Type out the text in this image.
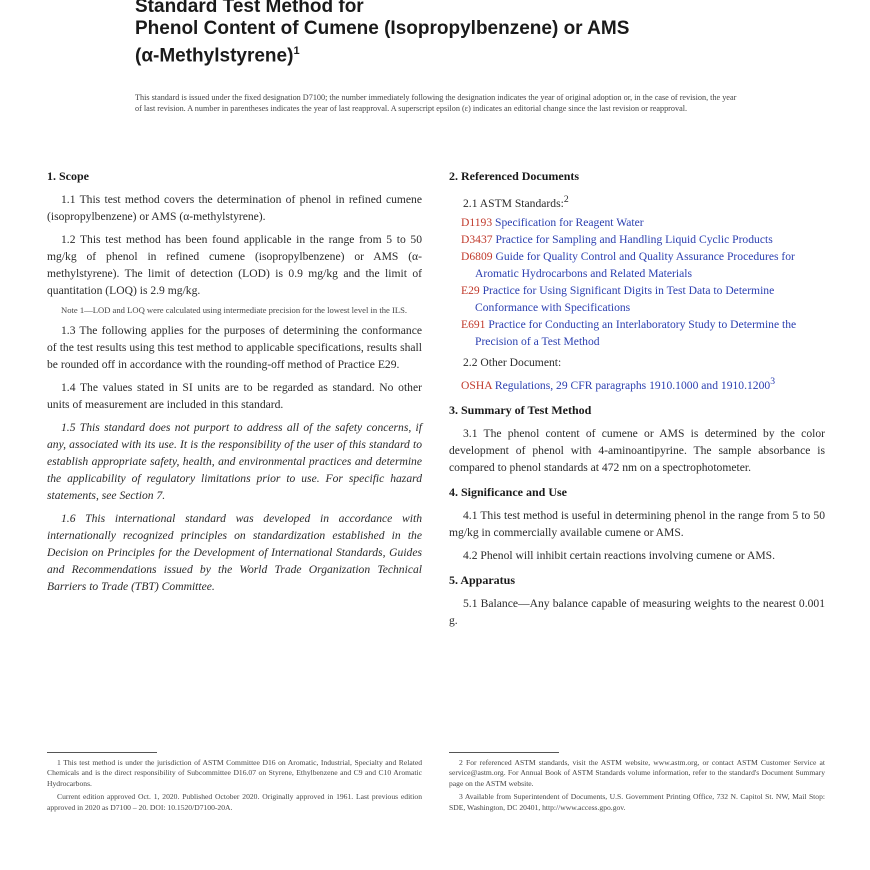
Standard Test Method for
Phenol Content of Cumene (Isopropylbenzene) or AMS
(α-Methylstyrene)$^1$
This standard is issued under the fixed designation D7100; the number immediately following the designation indicates the year of original adoption or, in the case of revision, the year of last revision. A number in parentheses indicates the year of last reapproval. A superscript epsilon (ε) indicates an editorial change since the last revision or reapproval.
1. Scope

1.1 This test method covers the determination of phenol in refined cumene (isopropylbenzene) or AMS (α-methylstyrene).

1.2 This test method has been found applicable in the range from 5 to 50 mg/kg of phenol in refined cumene (isopropylbenzene) or AMS (α-methylstyrene). The limit of detection (LOD) is 0.9 mg/kg and the limit of quantitation (LOQ) is 2.9 mg/kg.

Note 1—LOD and LOQ were calculated using intermediate precision for the lowest level in the ILS.

1.3 The following applies for the purposes of determining the conformance of the test results using this test method to applicable specifications, results shall be rounded off in accordance with the rounding-off method of Practice E29.

1.4 The values stated in SI units are to be regarded as standard. No other units of measurement are included in this standard.

1.5 This standard does not purport to address all of the safety concerns, if any, associated with its use. It is the responsibility of the user of this standard to establish appropriate safety, health, and environmental practices and determine the applicability of regulatory limitations prior to use. For specific hazard statements, see Section 7.

1.6 This international standard was developed in accordance with internationally recognized principles on standardization established in the Decision on Principles for the Development of International Standards, Guides and Recommendations issued by the World Trade Organization Technical Barriers to Trade (TBT) Committee.

2. Referenced Documents
2.1 ASTM Standards:$^2$
D1193 Specification for Reagent Water
D3437 Practice for Sampling and Handling Liquid Cyclic Products
D6809 Guide for Quality Control and Quality Assurance Procedures for Aromatic Hydrocarbons and Related Materials
E29 Practice for Using Significant Digits in Test Data to Determine Conformance with Specifications
E691 Practice for Conducting an Interlaboratory Study to Determine the Precision of a Test Method
2.2 Other Document:
OSHA Regulations, 29 CFR paragraphs 1910.1000 and 1910.1200$^3$
3. Summary of Test Method

3.1 The phenol content of cumene or AMS is determined by the color development of phenol with 4-aminoantipyrine. The sample absorbance is compared to phenol standards at 472 nm on a spectrophotometer.

4. Significance and Use

4.1 This test method is useful in determining phenol in the range from 5 to 50 mg/kg in commercially available cumene or AMS.

4.2 Phenol will inhibit certain reactions involving cumene or AMS.

5. Apparatus

5.1 Balance—Any balance capable of measuring weights to the nearest 0.001 g.

1 This test method is under the jurisdiction of ASTM Committee D16 on Aromatic, Industrial, Specialty and Related Chemicals and is the direct responsibility of Subcommittee D16.07 on Styrene, Ethylbenzene and C9 and C10 Aromatic Hydrocarbons.

Current edition approved Oct. 1, 2020. Published October 2020. Originally approved in 1961. Last previous edition approved in 2020 as D7100 – 20. DOI: 10.1520/D7100-20A.

2 For referenced ASTM standards, visit the ASTM website, www.astm.org, or contact ASTM Customer Service at service@astm.org. For Annual Book of ASTM Standards volume information, refer to the standard's Document Summary page on the ASTM website.

3 Available from Superintendent of Documents, U.S. Government Printing Office, 732 N. Capitol St. NW, Mail Stop: SDE, Washington, DC 20401, http://www.access.gpo.gov.
